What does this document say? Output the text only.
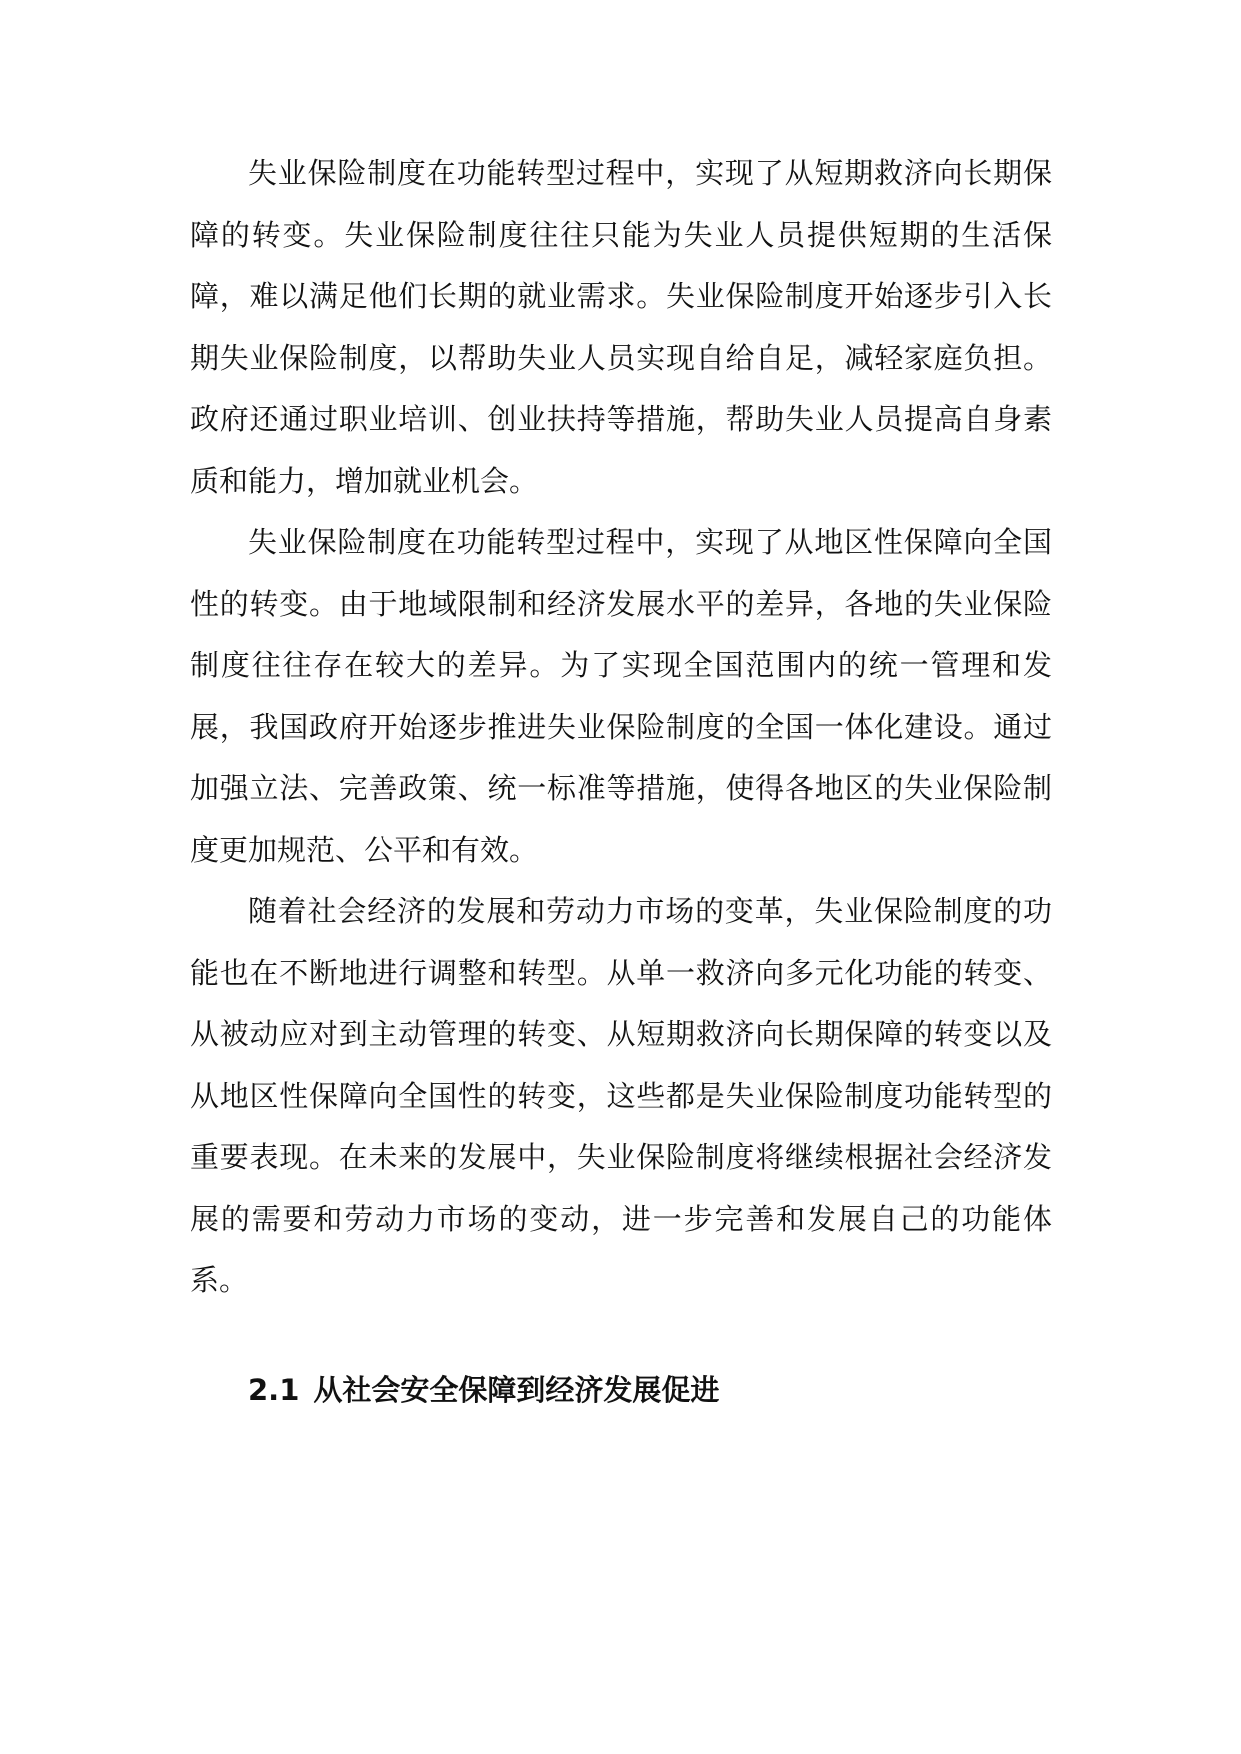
失业保险制度在功能转型过程中，实现了从短期救济向长期保障的转变。失业保险制度往往只能为失业人员提供短期的生活保障，难以满足他们长期的就业需求。失业保险制度开始逐步引入长期失业保险制度，以帮助失业人员实现自给自足，减轻家庭负担。政府还通过职业培训、创业扶持等措施，帮助失业人员提高自身素质和能力，增加就业机会。

失业保险制度在功能转型过程中，实现了从地区性保障向全国性的转变。由于地域限制和经济发展水平的差异，各地的失业保险制度往往存在较大的差异。为了实现全国范围内的统一管理和发展，我国政府开始逐步推进失业保险制度的全国一体化建设。通过加强立法、完善政策、统一标准等措施，使得各地区的失业保险制度更加规范、公平和有效。

随着社会经济的发展和劳动力市场的变革，失业保险制度的功能也在不断地进行调整和转型。从单一救济向多元化功能的转变、从被动应对到主动管理的转变、从短期救济向长期保障的转变以及从地区性保障向全国性的转变，这些都是失业保险制度功能转型的重要表现。在未来的发展中，失业保险制度将继续根据社会经济发展的需要和劳动力市场的变动，进一步完善和发展自己的功能体系。

2.1 从社会安全保障到经济发展促进
